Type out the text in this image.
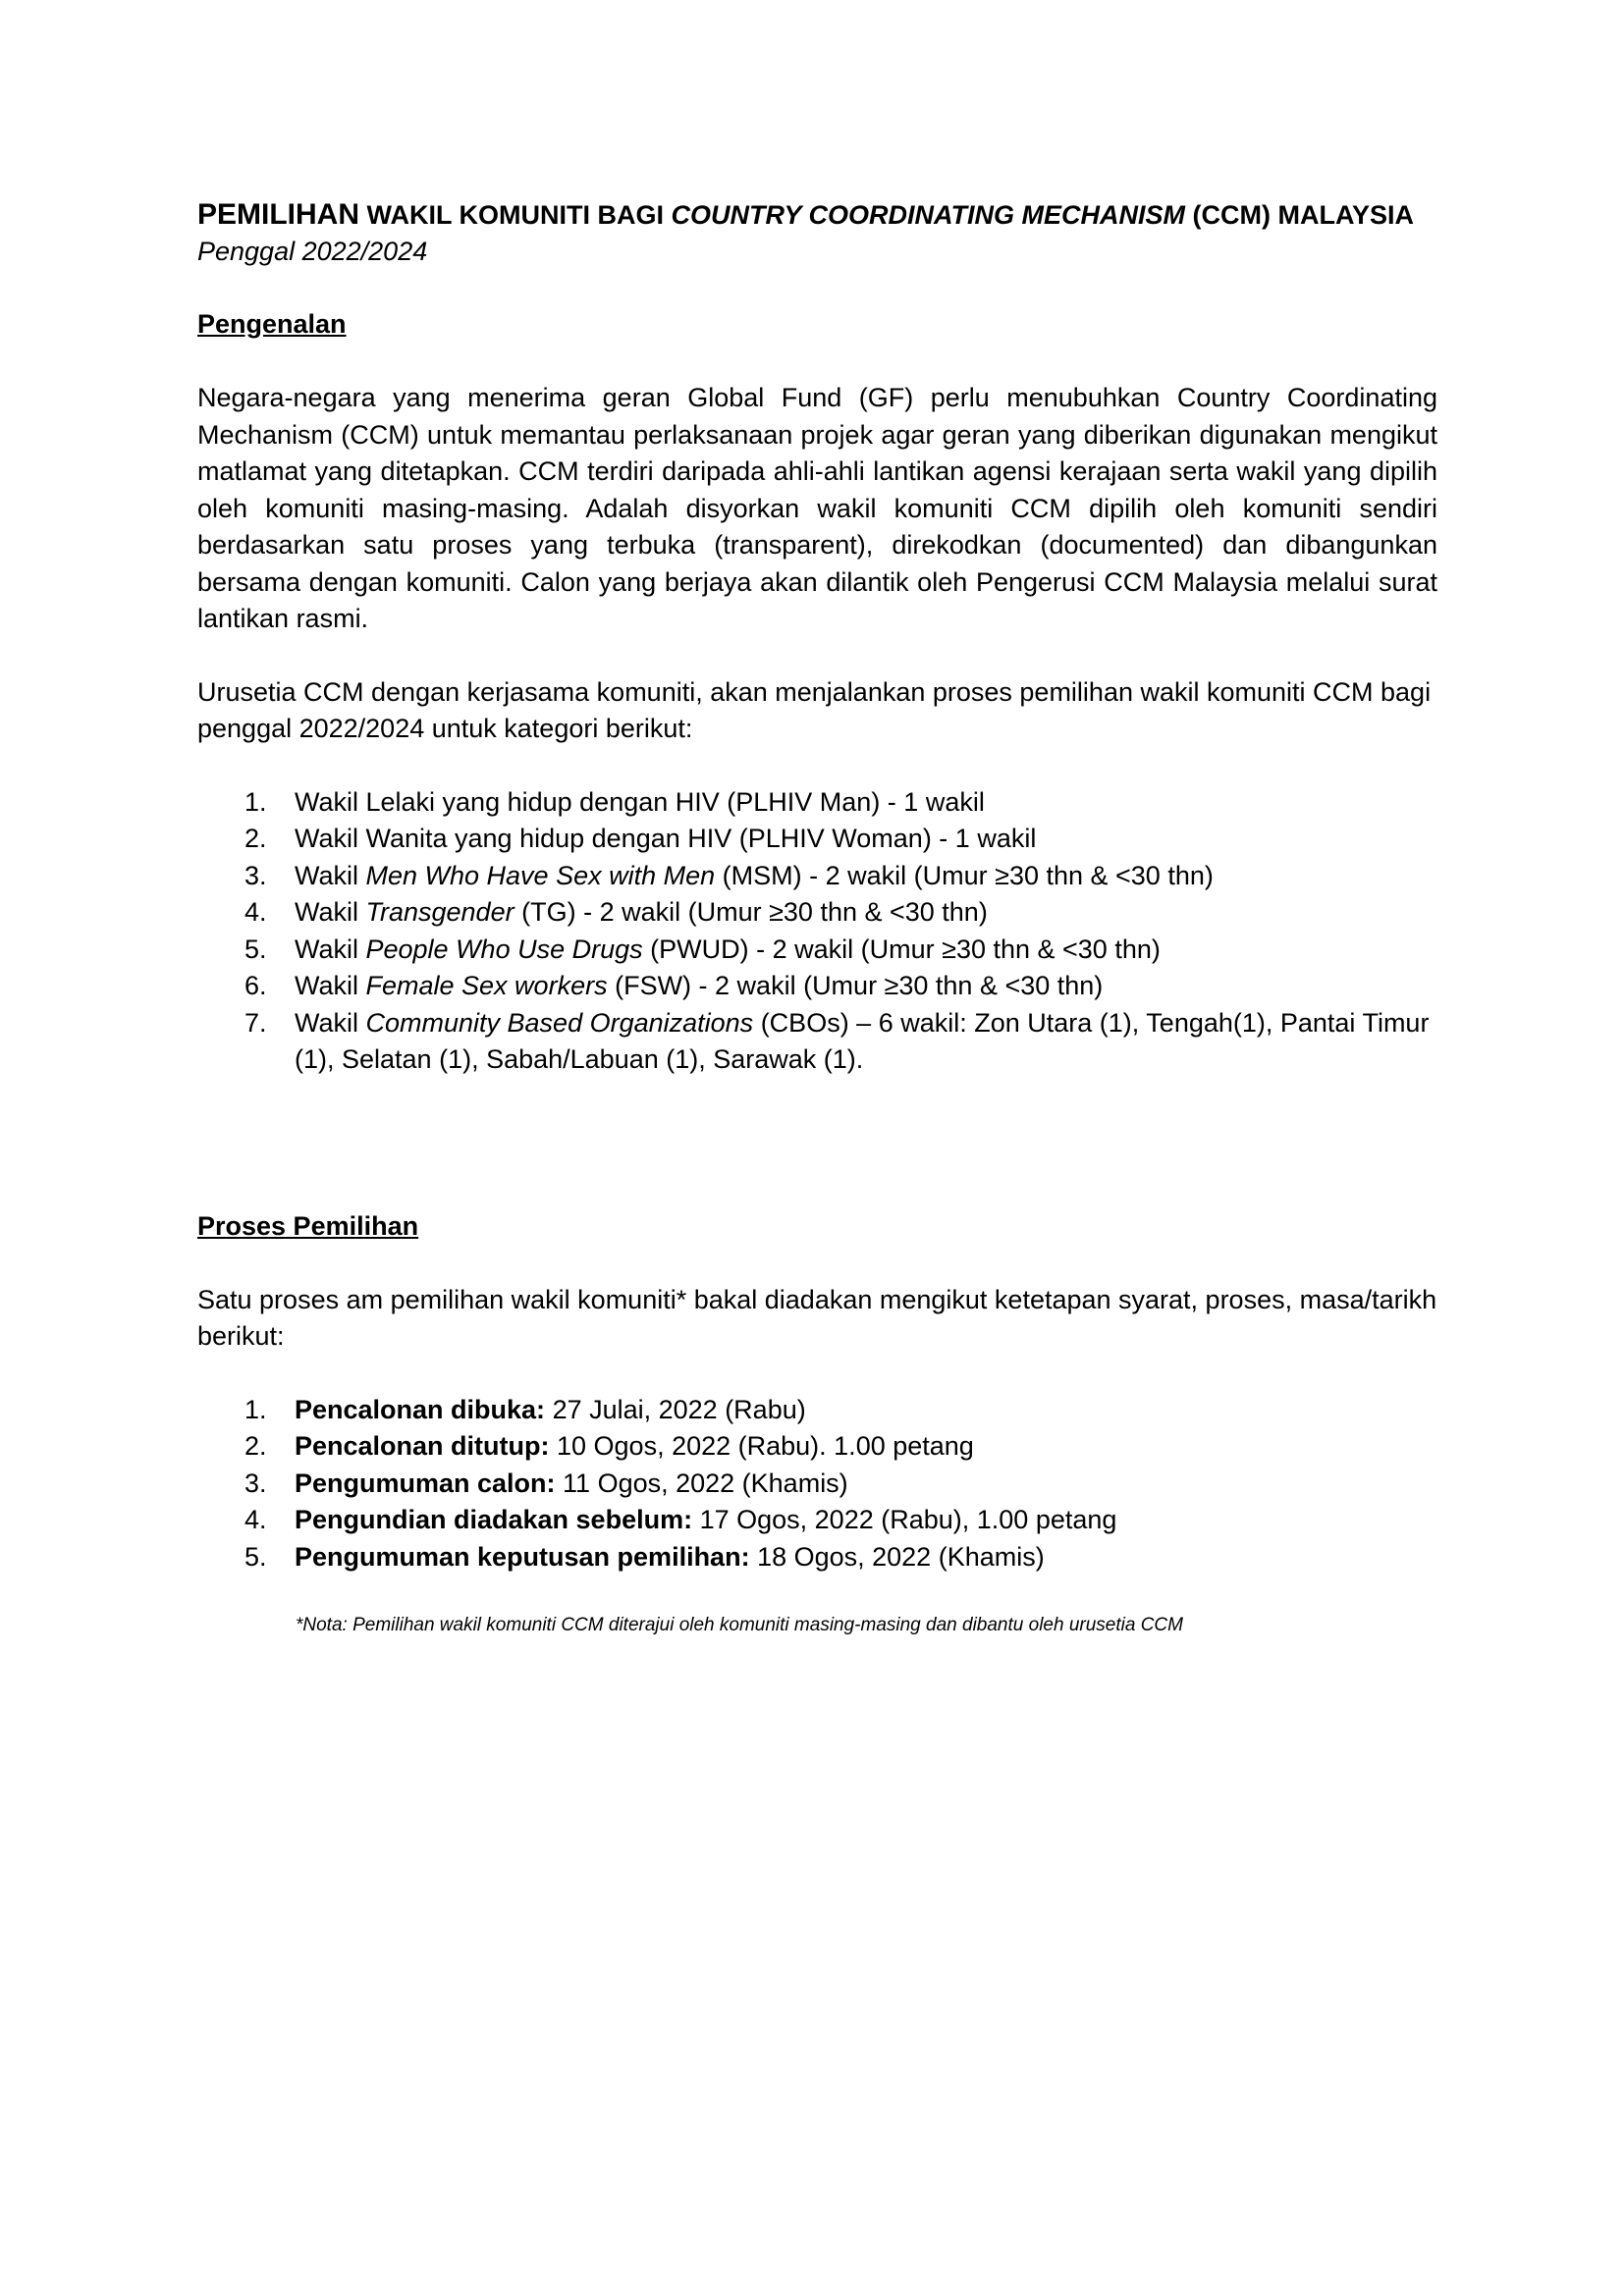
PEMILIHAN WAKIL KOMUNITI BAGI COUNTRY COORDINATING MECHANISM (CCM) MALAYSIA

Penggal 2022/2024

Pengenalan

Negara-negara yang menerima geran Global Fund (GF) perlu menubuhkan Country Coordinating Mechanism (CCM) untuk memantau perlaksanaan projek agar geran yang diberikan digunakan mengikut matlamat yang ditetapkan. CCM terdiri daripada ahli-ahli lantikan agensi kerajaan serta wakil yang dipilih oleh komuniti masing-masing. Adalah disyorkan wakil komuniti CCM dipilih oleh komuniti sendiri berdasarkan satu proses yang terbuka (transparent), direkodkan (documented) dan dibangunkan bersama dengan komuniti. Calon yang berjaya akan dilantik oleh Pengerusi CCM Malaysia melalui surat lantikan rasmi.

Urusetia CCM dengan kerjasama komuniti, akan menjalankan proses pemilihan wakil komuniti CCM bagi penggal 2022/2024 untuk kategori berikut:

1. Wakil Lelaki yang hidup dengan HIV (PLHIV Man) - 1 wakil
2. Wakil Wanita yang hidup dengan HIV (PLHIV Woman) - 1 wakil
3. Wakil Men Who Have Sex with Men (MSM) - 2 wakil (Umur ≥30 thn & <30 thn)
4. Wakil Transgender (TG) - 2 wakil (Umur ≥30 thn & <30 thn)
5. Wakil People Who Use Drugs (PWUD) - 2 wakil (Umur ≥30 thn & <30 thn)
6. Wakil Female Sex workers (FSW) - 2 wakil (Umur ≥30 thn & <30 thn)
7. Wakil Community Based Organizations (CBOs) – 6 wakil: Zon Utara (1), Tengah(1), Pantai Timur (1), Selatan (1), Sabah/Labuan (1), Sarawak (1).
Proses Pemilihan

Satu proses am pemilihan wakil komuniti* bakal diadakan mengikut ketetapan syarat, proses, masa/tarikh berikut:

1. Pencalonan dibuka: 27 Julai, 2022 (Rabu)
2. Pencalonan ditutup: 10 Ogos, 2022 (Rabu). 1.00 petang
3. Pengumuman calon: 11 Ogos, 2022 (Khamis)
4. Pengundian diadakan sebelum: 17 Ogos, 2022 (Rabu), 1.00 petang
5. Pengumuman keputusan pemilihan: 18 Ogos, 2022 (Khamis)

*Nota: Pemilihan wakil komuniti CCM diterajui oleh komuniti masing-masing dan dibantu oleh urusetia CCM
